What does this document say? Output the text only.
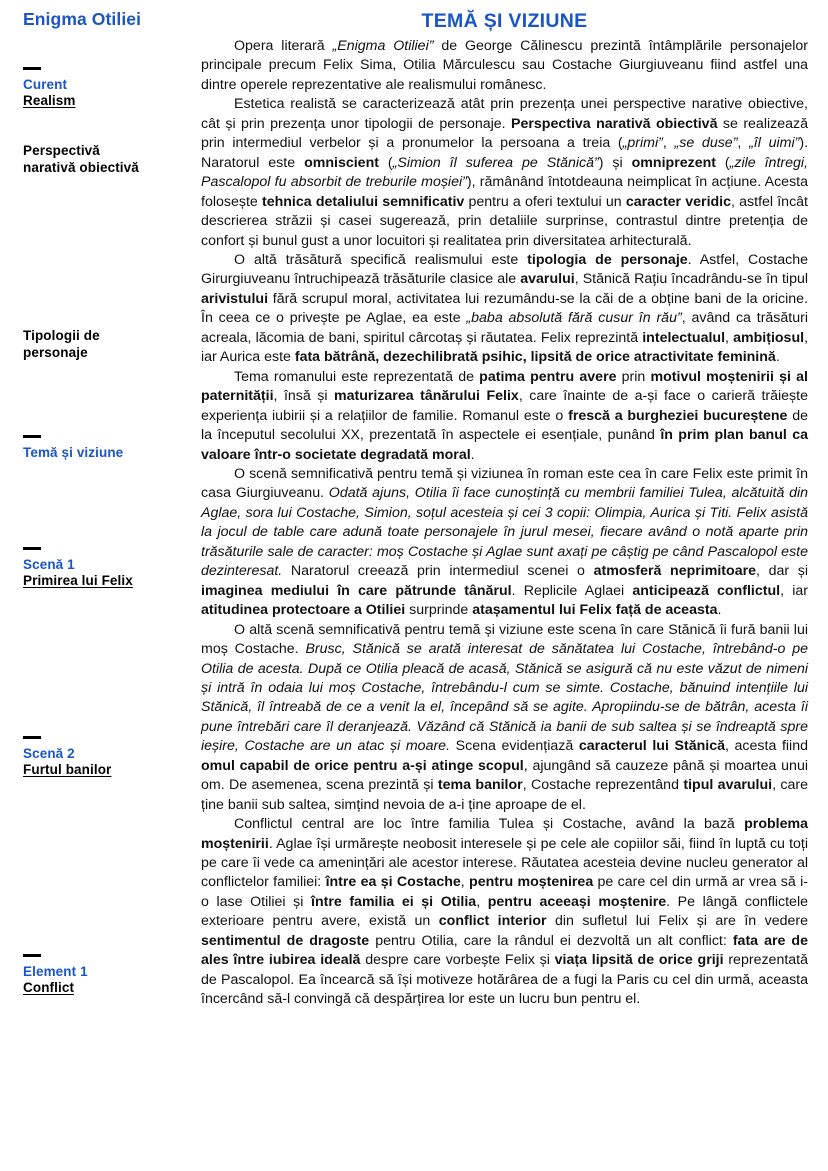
Enigma Otiliei
Curent
Realism
Perspectivă
narativă obiectivă
Tipologii de
personaje
Temă și viziune
Scenă 1
Primirea lui Felix
Scenă 2
Furtul banilor
Element 1
Conflict
TEMĂ ȘI VIZIUNE

Opera literară „Enigma Otiliei” de George Călinescu prezintă întâmplările personajelor principale precum Felix Sima, Otilia Mărculescu sau Costache Giurgiuveanu fiind astfel una dintre operele reprezentative ale realismului românesc.

Estetica realistă se caracterizează atât prin prezența unei perspective narative obiective, cât și prin prezența unor tipologii de personaje. Perspectiva narativă obiectivă se realizează prin intermediul verbelor și a pronumelor la persoana a treia („primi”, „se duse”, „îl uimi”). Naratorul este omniscient („Simion îl suferea pe Stănică”) și omniprezent („zile întregi, Pascalopol fu absorbit de treburile moșiei”), rămânând întotdeauna neimplicat în acțiune. Acesta folosește tehnica detaliului semnificativ pentru a oferi textului un caracter veridic, astfel încât descrierea străzii și casei sugerează, prin detaliile surprinse, contrastul dintre pretenția de confort și bunul gust a unor locuitori și realitatea prin diversitatea arhitecturală.

O altă trăsătură specifică realismului este tipologia de personaje. Astfel, Costache Girurgiuveanu întruchipează trăsăturile clasice ale avarului, Stănică Rațiu încadrându-se în tipul arivistului fără scrupul moral, activitatea lui rezumându-se la căi de a obține bani de la oricine. În ceea ce o privește pe Aglae, ea este „baba absolută fără cusur în rău”, având ca trăsături acreala, lăcomia de bani, spiritul cârcotaș și răutatea. Felix reprezintă intelectualul, ambițiosul, iar Aurica este fata bătrână, dezechilibrată psihic, lipsită de orice atractivitate feminină.

Tema romanului este reprezentată de patima pentru avere prin motivul moștenirii și al paternității, însă și maturizarea tânărului Felix, care înainte de a-și face o carieră trăiește experiența iubirii și a relațiilor de familie. Romanul este o frescă a burgheziei bucureștene de la începutul secolului XX, prezentată în aspectele ei esențiale, punând în prim plan banul ca valoare într-o societate degradată moral.

O scenă semnificativă pentru temă și viziunea în roman este cea în care Felix este primit în casa Giurgiuveanu. Odată ajuns, Otilia îi face cunoștință cu membrii familiei Tulea, alcătuită din Aglae, sora lui Costache, Simion, soțul acesteia și cei 3 copii: Olimpia, Aurica și Titi. Felix asistă la jocul de table care adună toate personajele în jurul mesei, fiecare având o notă aparte prin trăsăturile sale de caracter: moș Costache și Aglae sunt axați pe câștig pe când Pascalopol este dezinteresat. Naratorul creează prin intermediul scenei o atmosferă neprimitoare, dar și imaginea mediului în care pătrunde tânărul. Replicile Aglaei anticipează conflictul, iar atitudinea protectoare a Otiliei surprinde atașamentul lui Felix față de aceasta.

O altă scenă semnificativă pentru temă și viziune este scena în care Stănică îi fură banii lui moș Costache. Brusc, Stănică se arată interesat de sănătatea lui Costache, întrebând-o pe Otilia de acesta. După ce Otilia pleacă de acasă, Stănică se asigură că nu este văzut de nimeni și intră în odaia lui moș Costache, întrebându-l cum se simte. Costache, bănuind intențiile lui Stănică, îl întreabă de ce a venit la el, începând să se agite. Apropiindu-se de bătrân, acesta îi pune întrebări care îl deranjează. Văzând că Stănică ia banii de sub saltea și se îndreaptă spre ieșire, Costache are un atac și moare. Scena evidențiază caracterul lui Stănică, acesta fiind omul capabil de orice pentru a-și atinge scopul, ajungând să cauzeze până și moartea unui om. De asemenea, scena prezintă și tema banilor, Costache reprezentând tipul avarului, care ține banii sub saltea, simțind nevoia de a-i ține aproape de el.

Conflictul central are loc între familia Tulea și Costache, având la bază problema moștenirii. Aglae își urmărește neobosit interesele și pe cele ale copiilor săi, fiind în luptă cu toți pe care îi vede ca amenințări ale acestor interese. Răutatea acesteia devine nucleu generator al conflictelor familiei: între ea și Costache, pentru moștenirea pe care cel din urmă ar vrea să i-o lase Otiliei și între familia ei și Otilia, pentru aceeași moștenire. Pe lângă conflictele exterioare pentru avere, există un conflict interior din sufletul lui Felix și are în vedere sentimentul de dragoste pentru Otilia, care la rândul ei dezvoltă un alt conflict: fata are de ales între iubirea ideală despre care vorbește Felix și viața lipsită de orice griji reprezentată de Pascalopol. Ea încearcă să își motiveze hotărârea de a fugi la Paris cu cel din urmă, aceasta încercând să-l convingă că despărțirea lor este un lucru bun pentru el.
